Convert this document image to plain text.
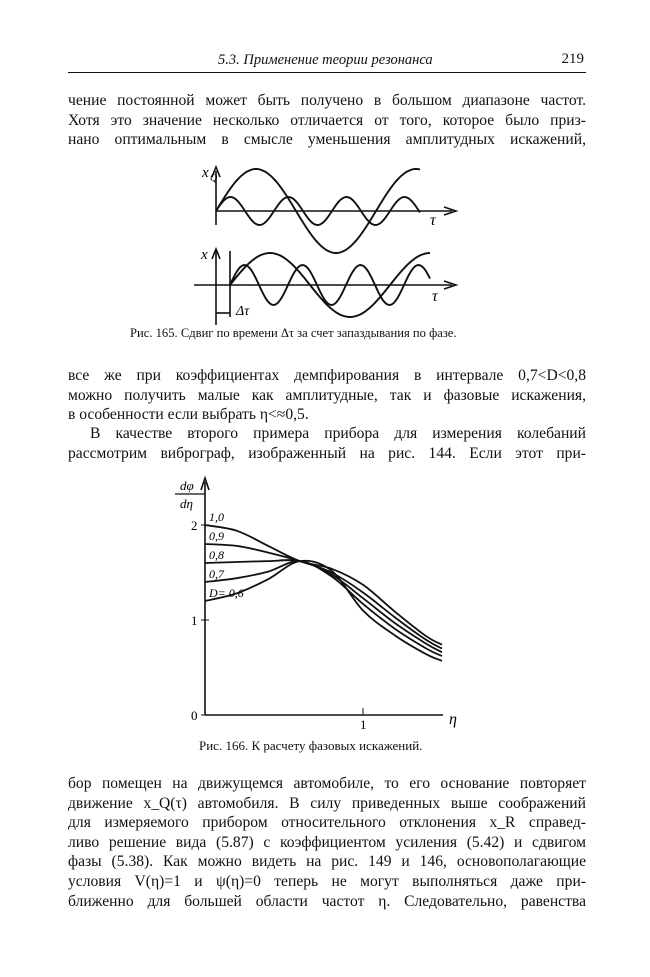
5.3. Применение теории резонанса	219
чение постоянной может быть получено в большом диапазоне частот.
Хотя это значение несколько отличается от того, которое было приз-
нано оптимальным в смысле уменьшения амплитудных искажений,
x Q
x
τ
τ
Δτ
Рис. 165. Сдвиг по времени Δτ за счет запаздывания по фазе.
все же при коэффициентах демпфирования в интервале 0,7<D<0,8
можно получить малые как амплитудные, так и фазовые искажения,
в особенности если выбрать η<≈0,5.
В качестве второго примера прибора для измерения колебаний
рассмотрим виброграф, изображенный на рис. 144. Если этот при-
dφ
dη
η
0
1
2
1
1,0
0,9
0,8
0,7
D= 0,6
Рис. 166. К расчету фазовых искажений.
бор помещен на движущемся автомобиле, то его основание повторяет
движение x_Q(τ) автомобиля. В силу приведенных выше соображений
для измеряемого прибором относительного отклонения x_R справед-
ливо решение вида (5.87) с коэффициентом усиления (5.42) и сдвигом
фазы (5.38). Как можно видеть на рис. 149 и 146, основополагающие
условия V(η)=1 и ψ(η)=0 теперь не могут выполняться даже при-
ближенно для большей области частот η. Следовательно, равенства
